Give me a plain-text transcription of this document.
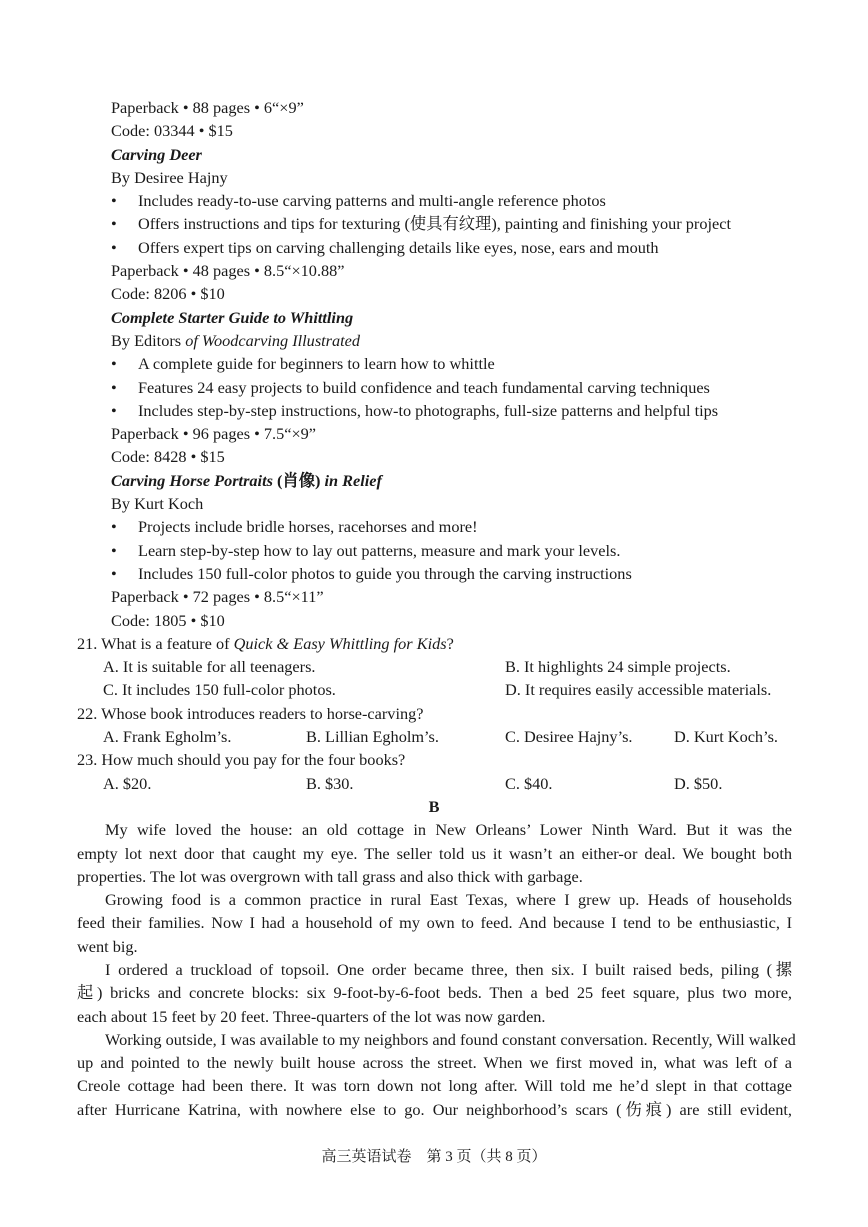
Paperback • 88 pages • 6“×9”
Code: 03344 • $15
Carving Deer
By Desiree Hajny
• Includes ready-to-use carving patterns and multi-angle reference photos
• Offers instructions and tips for texturing (使具有纹理), painting and finishing your project
• Offers expert tips on carving challenging details like eyes, nose, ears and mouth
Paperback • 48 pages • 8.5“×10.88”
Code: 8206 • $10
Complete Starter Guide to Whittling
By Editors of Woodcarving Illustrated
• A complete guide for beginners to learn how to whittle
• Features 24 easy projects to build confidence and teach fundamental carving techniques
• Includes step-by-step instructions, how-to photographs, full-size patterns and helpful tips
Paperback • 96 pages • 7.5“×9”
Code: 8428 • $15
Carving Horse Portraits (肖像) in Relief
By Kurt Koch
• Projects include bridle horses, racehorses and more!
• Learn step-by-step how to lay out patterns, measure and mark your levels.
• Includes 150 full-color photos to guide you through the carving instructions
Paperback • 72 pages • 8.5“×11”
Code: 1805 • $10
21. What is a feature of Quick & Easy Whittling for Kids?
A. It is suitable for all teenagers.	B. It highlights 24 simple projects.
C. It includes 150 full-color photos.	D. It requires easily accessible materials.
22. Whose book introduces readers to horse-carving?
A. Frank Egholm’s.	B. Lillian Egholm’s.	C. Desiree Hajny’s.	D. Kurt Koch’s.
23. How much should you pay for the four books?
A. $20.	B. $30.	C. $40.	D. $50.
B
My wife loved the house: an old cottage in New Orleans’ Lower Ninth Ward. But it was the
empty lot next door that caught my eye. The seller told us it wasn’t an either-or deal. We bought both
properties. The lot was overgrown with tall grass and also thick with garbage.
Growing food is a common practice in rural East Texas, where I grew up. Heads of households
feed their families. Now I had a household of my own to feed. And because I tend to be enthusiastic, I
went big.
I ordered a truckload of topsoil. One order became three, then six. I built raised beds, piling (摞
起) bricks and concrete blocks: six 9-foot-by-6-foot beds. Then a bed 25 feet square, plus two more,
each about 15 feet by 20 feet. Three-quarters of the lot was now garden.
Working outside, I was available to my neighbors and found constant conversation. Recently, Will walked
up and pointed to the newly built house across the street. When we first moved in, what was left of a
Creole cottage had been there. It was torn down not long after. Will told me he’d slept in that cottage
after Hurricane Katrina, with nowhere else to go. Our neighborhood’s scars (伤痕) are still evident,
高三英语试卷　第 3 页（共 8 页）
